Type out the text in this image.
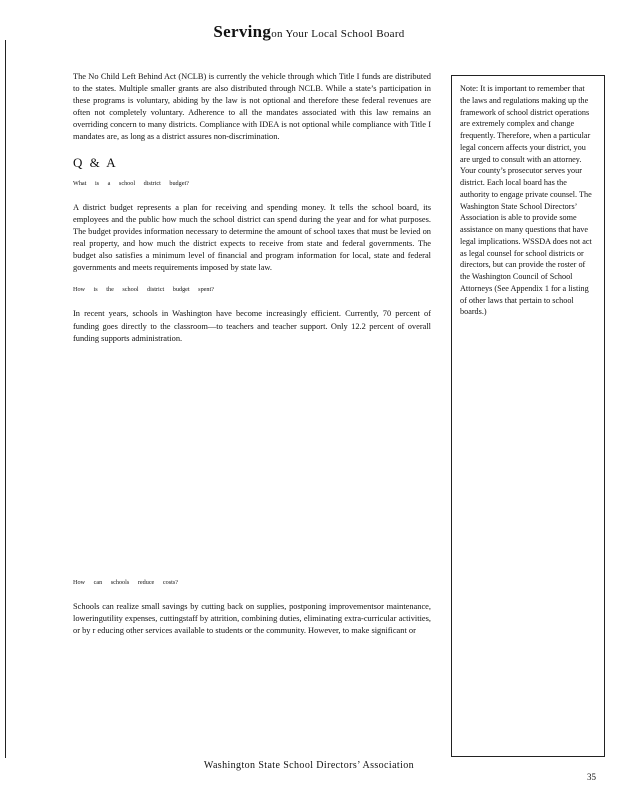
Servingon Your Local School Board

The No Child Left Behind Act (NCLB) is currently the vehicle through which Title I funds are distributed to the states. Multiple smaller grants are also distributed through NCLB. While a state’s participation in these programs is voluntary, abiding by the law is not optional and therefore these federal revenues are often not completely voluntary. Adherence to all the mandates associated with this law remains an overriding concern to many districts. Compliance with IDEA is not optional while compliance with Title I mandates are, as long as a district assures non-discrimination.

Q & A
What is a school district budget?

A district budget represents a plan for receiving and spending money. It tells the school board, its employees and the public how much the school district can spend during the year and for what purposes. The budget provides information necessary to determine the amount of school taxes that must be levied on real property, and how much the district expects to receive from state and federal governments. The budget also satisfies a minimum level of financial and program information for local, state and federal governments and meets requirements imposed by state law.

How is the school district budget spent?

In recent years, schools in Washington have become increasingly efficient. Currently, 70 percent of funding goes directly to the classroom—to teachers and teacher support. Only 12.2 percent of overall funding supports administration.

How can schools reduce costs?

Schools can realize small savings by cutting back on supplies, postponing improvementsor maintenance, loweringutility expenses, cuttingstaff by attrition, combining duties, eliminating extra-curricular activities, or by r educing other services available to students or the community. However, to make significant or

Note: It is important to remember that the laws and regulations making up the framework of school district operations are extremely complex and change frequently. Therefore, when a particular legal concern affects your district, you are urged to consult with an attorney. Your county’s prosecutor serves your district. Each local board has the authority to engage private counsel. The Washington State School Directors’ Association is able to provide some assistance on many questions that have legal implications. WSSDA does not act as legal counsel for school districts or directors, but can provide the roster of the Washington Council of School Attorneys (See Appendix 1 for a listing of other laws that pertain to school boards.)
Washington State School Directors’ Association
35
